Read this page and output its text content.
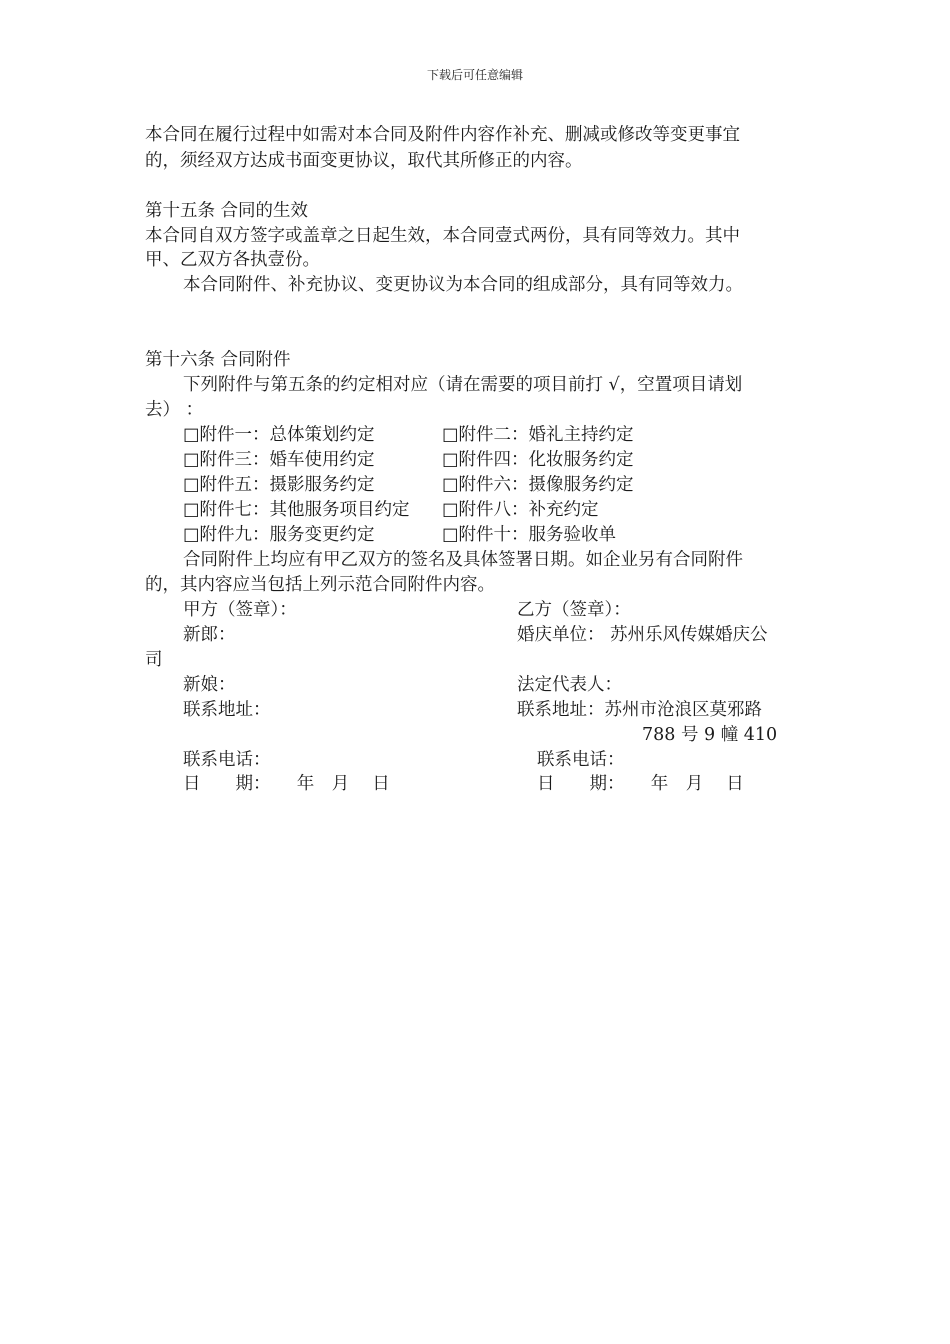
下载后可任意编辑
本合同在履行过程中如需对本合同及附件内容作补充、删减或修改等变更事宜
的，须经双方达成书面变更协议，取代其所修正的内容。
第十五条 合同的生效
本合同自双方签字或盖章之日起生效，本合同壹式两份，具有同等效力。其中
甲、乙双方各执壹份。
本合同附件、补充协议、变更协议为本合同的组成部分，具有同等效力。
第十六条 合同附件
下列附件与第五条的约定相对应（请在需要的项目前打 √，空置项目请划
去） ：
□附件一：总体策划约定	□附件二：婚礼主持约定
□附件三：婚车使用约定	□附件四：化妆服务约定
□附件五：摄影服务约定	□附件六：摄像服务约定
□附件七：其他服务项目约定 □附件八：补充约定
□附件九：服务变更约定	□附件十：服务验收单
合同附件上均应有甲乙双方的签名及具体签署日期。如企业另有合同附件
的，其内容应当包括上列示范合同附件内容。
甲方（签章）：	乙方（签章）：
新郎：	婚庆单位： 苏州乐风传媒婚庆公
司
新娘：	法定代表人：
联系地址：	联系地址：苏州市沧浪区莫邪路
788 号 9 幢 410
联系电话：	联系电话：
日　　期：　　年　月　 日	日　　期：　　年　月　 日
